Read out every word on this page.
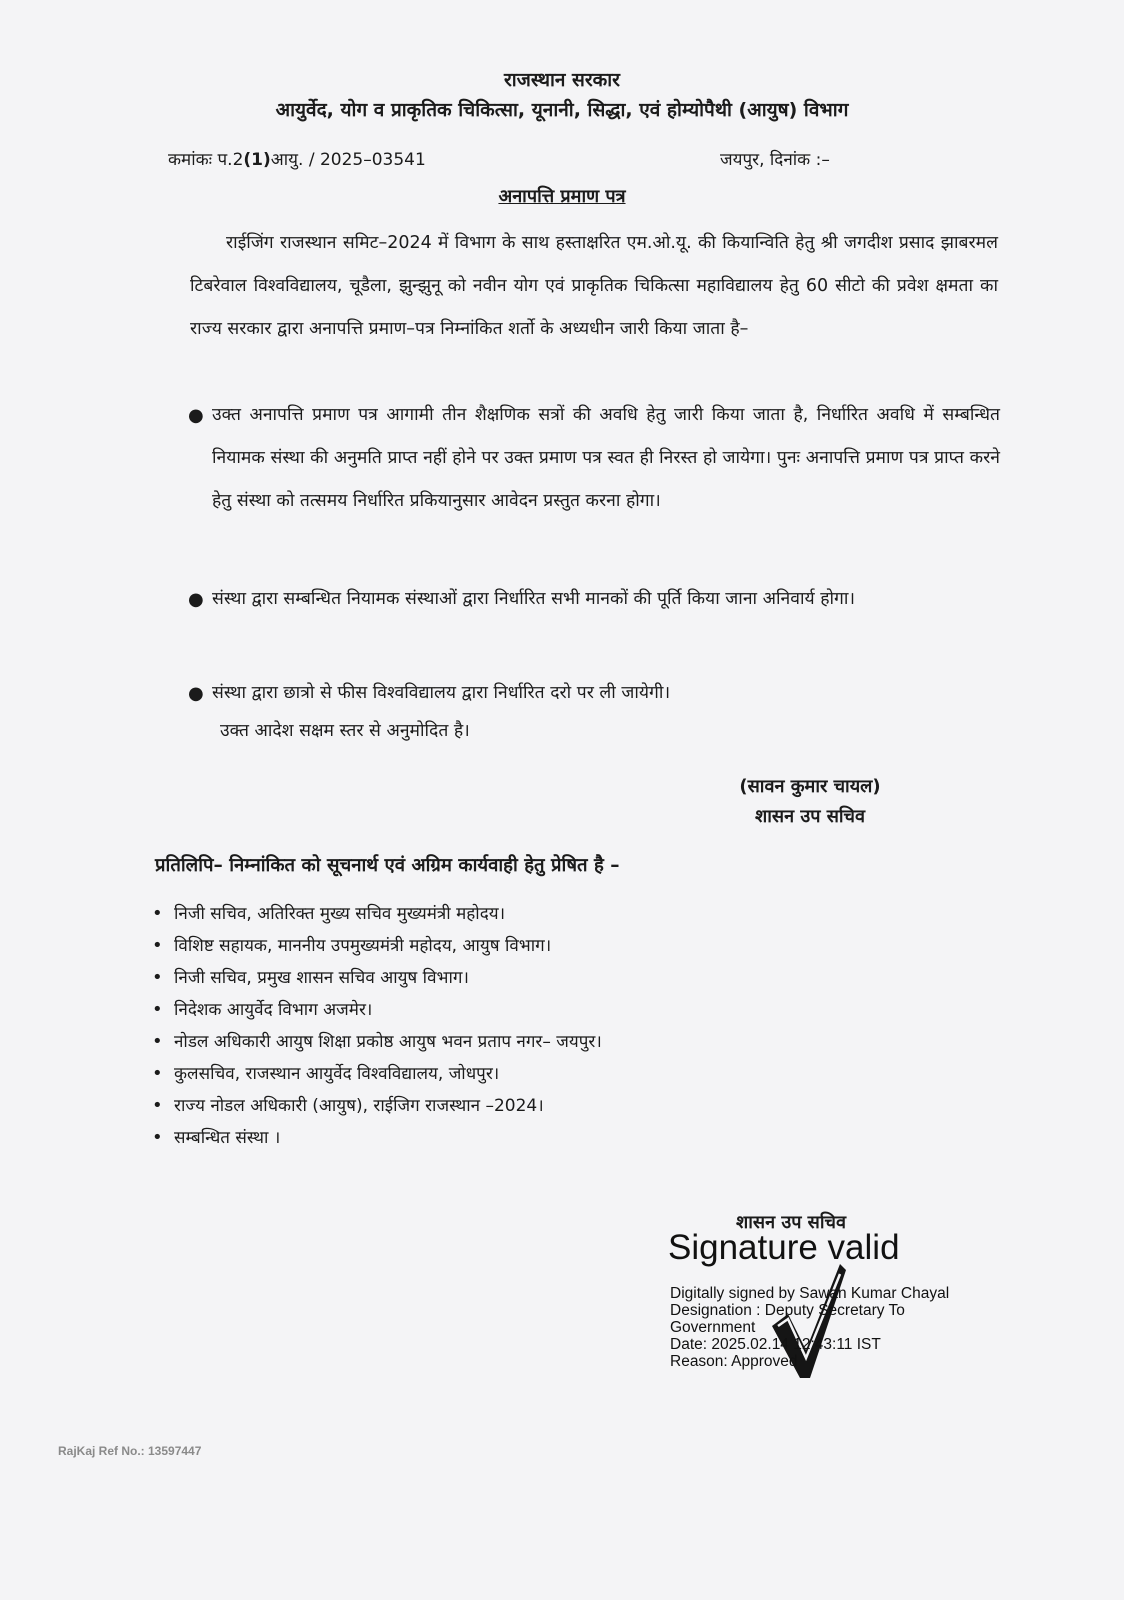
राजस्थान सरकार
आयुर्वेद, योग व प्राकृतिक चिकित्सा, यूनानी, सिद्धा, एवं होम्योपैथी (आयुष) विभाग
कमांकः प.2(1)आयु. / 2025–03541	जयपुर, दिनांक :–
अनापत्ति प्रमाण पत्र
राईजिंग राजस्थान समिट–2024 में विभाग के साथ हस्ताक्षरित एम.ओ.यू. की कियान्विति हेतु श्री जगदीश प्रसाद झाबरमल टिबरेवाल विश्वविद्यालय, चूडैला, झुन्झुनू को नवीन योग एवं प्राकृतिक चिकित्सा महाविद्यालय हेतु 60 सीटो की प्रवेश क्षमता का राज्य सरकार द्वारा अनापत्ति प्रमाण–पत्र निम्नांकित शर्तो के अध्यधीन जारी किया जाता है–
● उक्त अनापत्ति प्रमाण पत्र आगामी तीन शैक्षणिक सत्रों की अवधि हेतु जारी किया जाता है, निर्धारित अवधि में सम्बन्धित नियामक संस्था की अनुमति प्राप्त नहीं होने पर उक्त प्रमाण पत्र स्वत ही निरस्त हो जायेगा। पुनः अनापत्ति प्रमाण पत्र प्राप्त करने हेतु संस्था को तत्समय निर्धारित प्रकियानुसार आवेदन प्रस्तुत करना होगा।
● संस्था द्वारा सम्बन्धित नियामक संस्थाओं द्वारा निर्धारित सभी मानकों की पूर्ति किया जाना अनिवार्य होगा।
● संस्था द्वारा छात्रो से फीस विश्वविद्यालय द्वारा निर्धारित दरो पर ली जायेगी।
उक्त आदेश सक्षम स्तर से अनुमोदित है।
(सावन कुमार चायल)
शासन उप सचिव
प्रतिलिपि– निम्नांकित को सूचनार्थ एवं अग्रिम कार्यवाही हेतु प्रेषित है –
• निजी सचिव, अतिरिक्त मुख्य सचिव मुख्यमंत्री महोदय।
• विशिष्ट सहायक, माननीय उपमुख्यमंत्री महोदय, आयुष विभाग।
• निजी सचिव, प्रमुख शासन सचिव आयुष विभाग।
• निदेशक आयुर्वेद विभाग अजमेर।
• नोडल अधिकारी आयुष शिक्षा प्रकोष्ठ आयुष भवन प्रताप नगर– जयपुर।
• कुलसचिव, राजस्थान आयुर्वेद विश्वविद्यालय, जोधपुर।
• राज्य नोडल अधिकारी (आयुष), राईजिग राजस्थान –2024।
• सम्बन्धित संस्था ।
शासन उप सचिव
Signature valid
Digitally signed by Sawan Kumar Chayal
Designation : Deputy Secretary To
Government
Date: 2025.02.14 12:43:11 IST
Reason: Approved
RajKaj Ref No.: 13597447
